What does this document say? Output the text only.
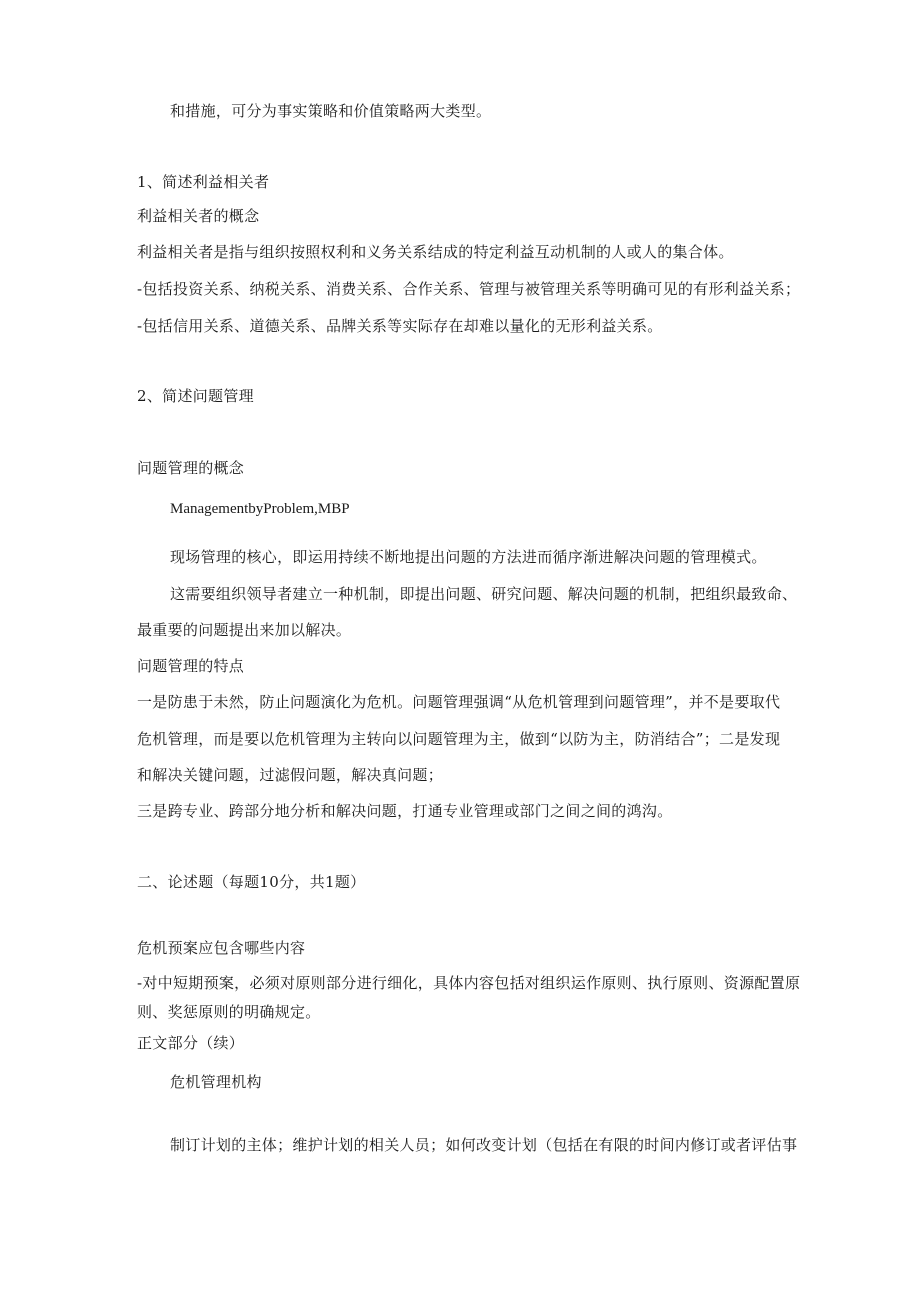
和措施，可分为事实策略和价值策略两大类型。
1、简述利益相关者
利益相关者的概念
利益相关者是指与组织按照权利和义务关系结成的特定利益互动机制的人或人的集合体。
-包括投资关系、纳税关系、消费关系、合作关系、管理与被管理关系等明确可见的有形利益关系；
-包括信用关系、道德关系、品牌关系等实际存在却难以量化的无形利益关系。
2、简述问题管理
问题管理的概念
ManagementbyProblem,MBP
现场管理的核心，即运用持续不断地提出问题的方法进而循序渐进解决问题的管理模式。
这需要组织领导者建立一种机制，即提出问题、研究问题、解决问题的机制，把组织最致命、
最重要的问题提出来加以解决。
问题管理的特点
一是防患于未然，防止问题演化为危机。问题管理强调“从危机管理到问题管理”，并不是要取代
危机管理，而是要以危机管理为主转向以问题管理为主，做到“以防为主，防消结合”；二是发现
和解决关键问题，过滤假问题，解决真问题；
三是跨专业、跨部分地分析和解决问题，打通专业管理或部门之间之间的鸿沟。
二、论述题（每题10分，共1题）
危机预案应包含哪些内容
-对中短期预案，必须对原则部分进行细化，具体内容包括对组织运作原则、执行原则、资源配置原
则、奖惩原则的明确规定。
正文部分（续）
危机管理机构
制订计划的主体；维护计划的相关人员；如何改变计划（包括在有限的时间内修订或者评估事
